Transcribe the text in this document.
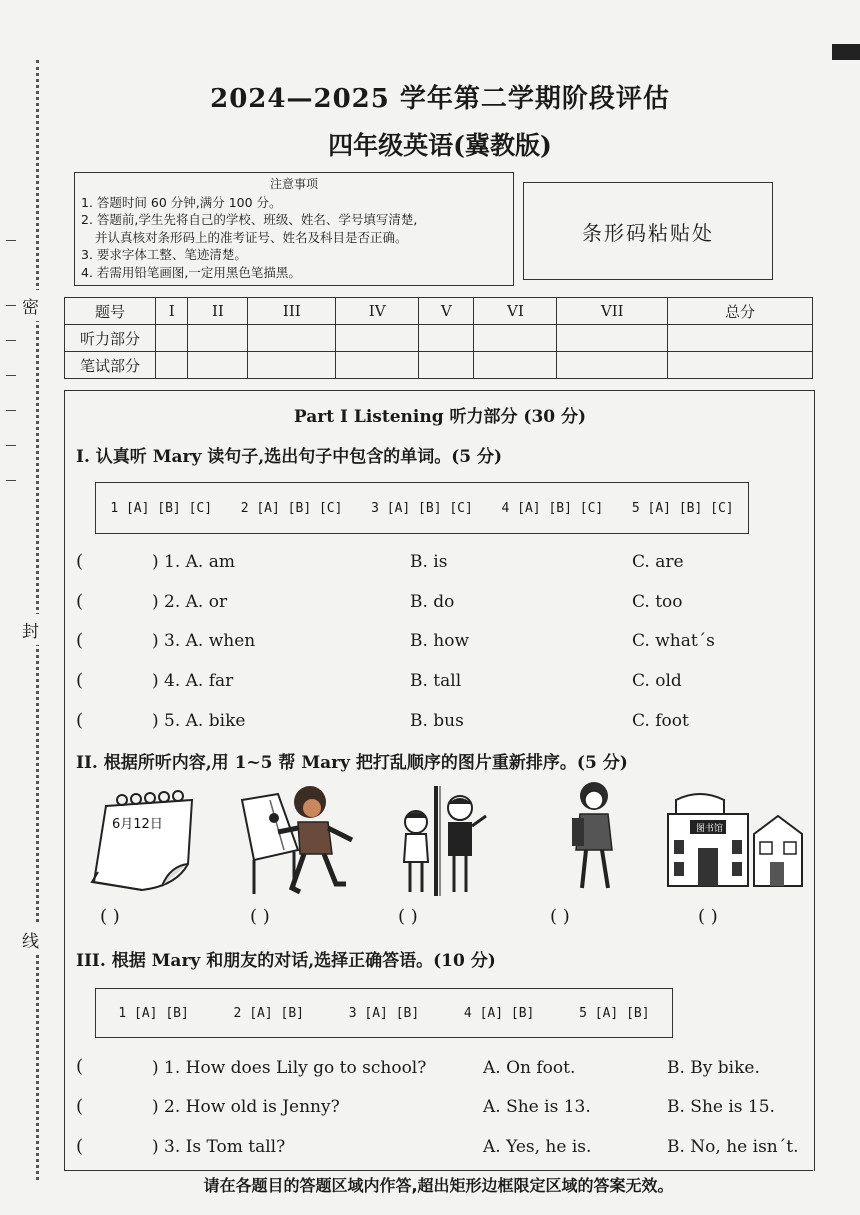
密
封
线
2024—2025 学年第二学期阶段评估
四年级英语(冀教版)
注意事项
1. 答题时间 60 分钟,满分 100 分。
2. 答题前,学生先将自己的学校、班级、姓名、学号填写清楚,
并认真核对条形码上的准考证号、姓名及科目是否正确。
3. 要求字体工整、笔迹清楚。
4. 若需用铅笔画图,一定用黑色笔描黑。
条形码粘贴处
题号	I	II	III	IV	V	VI	VII	总分
听力部分								
笔试部分								
Part I Listening 听力部分 (30 分)
I. 认真听 Mary 读句子,选出句子中包含的单词。(5 分)
1 [A] [B] [C] 2 [A] [B] [C] 3 [A] [B] [C] 4 [A] [B] [C] 5 [A] [B] [C]
(	) 1. A. am	B. is	C. are
(	) 2. A. or	B. do	C. too
(	) 3. A. when	B. how	C. what´s
(	) 4. A. far	B. tall	C. old
(	) 5. A. bike	B. bus	C. foot
II. 根据所听内容,用 1~5 帮 Mary 把打乱顺序的图片重新排序。(5 分)
6月12日	图书馆
( )	( )	( )	( )	( )
III. 根据 Mary 和朋友的对话,选择正确答语。(10 分)
1 [A] [B]	2 [A] [B]	3 [A] [B]	4 [A] [B]	5 [A] [B]
(	) 1. How does Lily go to school?	A. On foot.	B. By bike.
(	) 2. How old is Jenny?	A. She is 13.	B. She is 15.
(	) 3. Is Tom tall?	A. Yes, he is.	B. No, he isn´t.
请在各题目的答题区域内作答,超出矩形边框限定区域的答案无效。
